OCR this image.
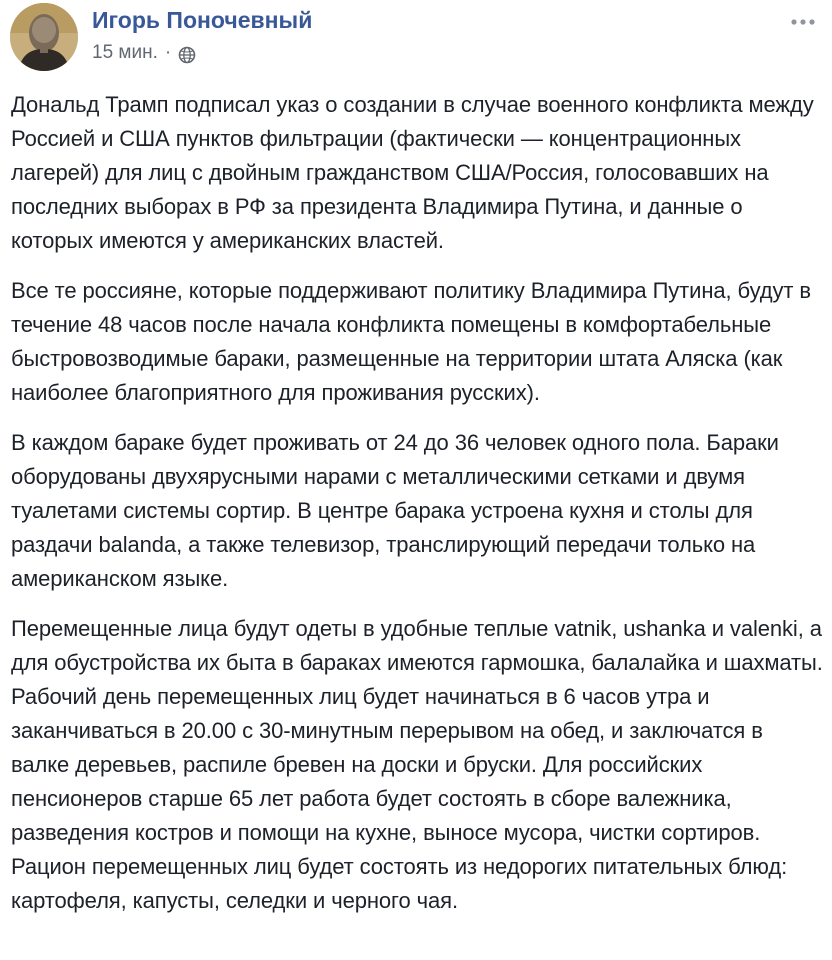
Игорь Поночевный
15 мин. ·

Дональд Трамп подписал указ о создании в случае военного конфликта между Россией и США пунктов фильтрации (фактически — концентрационных лагерей) для лиц с двойным гражданством США/Россия, голосовавших на последних выборах в РФ за президента Владимира Путина, и данные о которых имеются у американских властей.

Все те россияне, которые поддерживают политику Владимира Путина, будут в течение 48 часов после начала конфликта помещены в комфортабельные быстровозводимые бараки, размещенные на территории штата Аляска (как наиболее благоприятного для проживания русских).

В каждом бараке будет проживать от 24 до 36 человек одного пола. Бараки оборудованы двухярусными нарами с металлическими сетками и двумя туалетами системы сортир. В центре барака устроена кухня и столы для раздачи balanda, а также телевизор, транслирующий передачи только на американском языке.

Перемещенные лица будут одеты в удобные теплые vatnik, ushanka и valenki, а для обустройства их быта в бараках имеются гармошка, балалайка и шахматы. Рабочий день перемещенных лиц будет начинаться в 6 часов утра и заканчиваться в 20.00 с 30-минутным перерывом на обед, и заключатся в валке деревьев, распиле бревен на доски и бруски. Для российских пенсионеров старше 65 лет работа будет состоять в сборе валежника, разведения костров и помощи на кухне, выносе мусора, чистки сортиров. Рацион перемещенных лиц будет состоять из недорогих питательных блюд: картофеля, капусты, селедки и черного чая.
